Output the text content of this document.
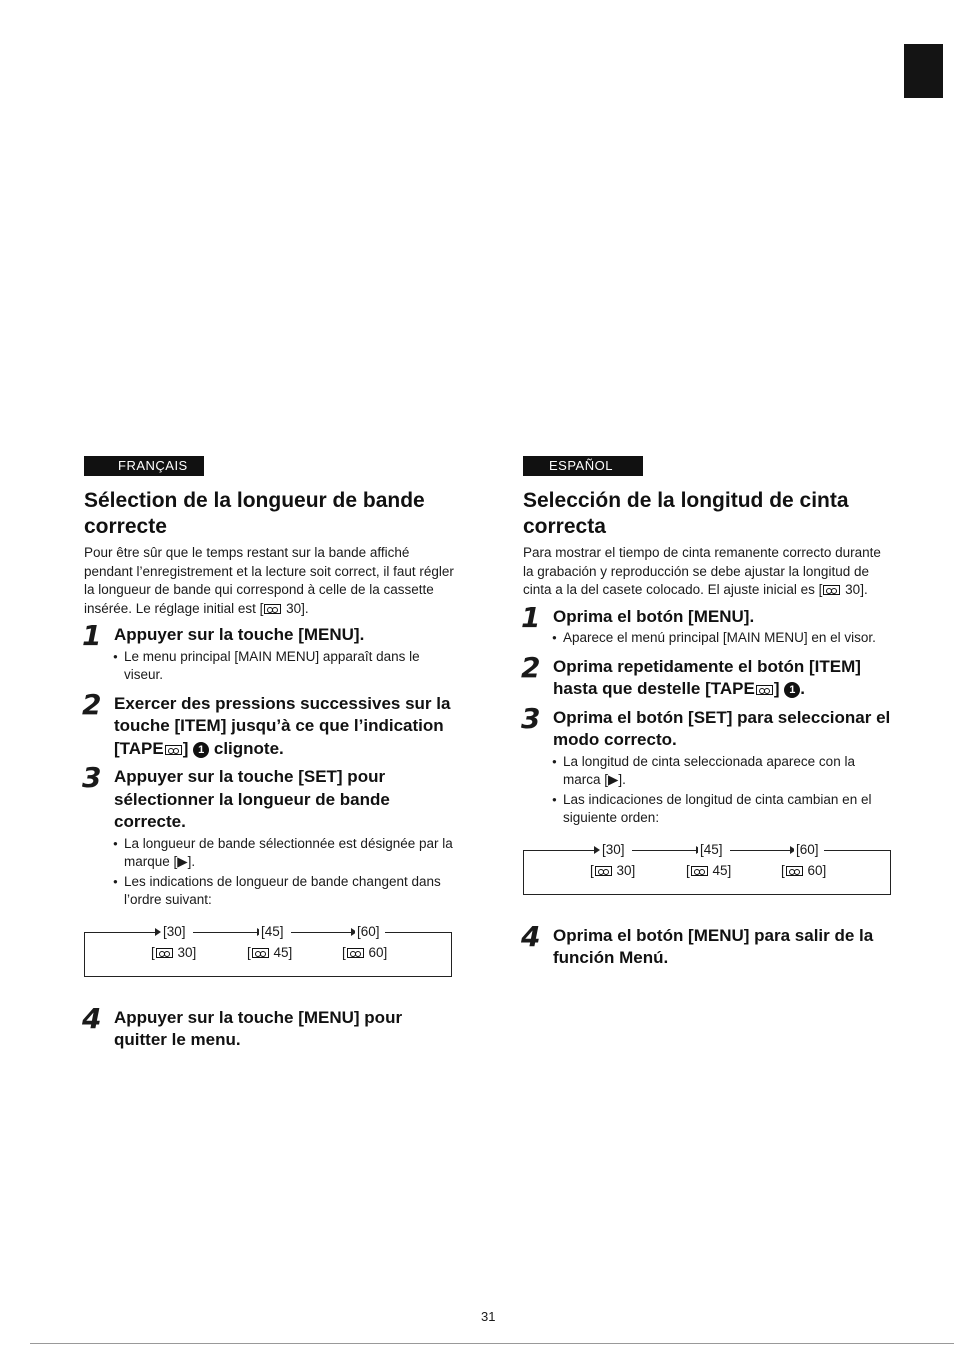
FRANÇAIS
Sélection de la longueur de bande correcte

Pour être sûr que le temps restant sur la bande affiché pendant l’enregistrement et la lecture soit correct, il faut régler la longueur de bande qui correspond à celle de la cassette insérée. Le réglage initial est [ 30].

1 Appuyer sur la touche [MENU].
● Le menu principal [MAIN MENU] apparaît dans le viseur.
2 Exercer des pressions successives sur la touche [ITEM] jusqu’à ce que l’indication [TAPE ] 1 clignote.
3 Appuyer sur la touche [SET] pour sélectionner la longueur de bande correcte.
● La longueur de bande sélectionnée est désignée par la marque [▶].
● Les indications de longueur de bande changent dans l’ordre suivant:
[30]	[45]	[60]
[ 30]	[ 45]	[ 60]
4 Appuyer sur la touche [MENU] pour quitter le menu.
ESPAÑOL
Selección de la longitud de cinta correcta

Para mostrar el tiempo de cinta remanente correcto durante la grabación y reproducción se debe ajustar la longitud de cinta a la del casete colocado. El ajuste inicial es [ 30].

1 Oprima el botón [MENU].
● Aparece el menú principal [MAIN MENU] en el visor.
2 Oprima repetidamente el botón [ITEM] hasta que destelle [TAPE ] 1 .
3 Oprima el botón [SET] para seleccionar el modo correcto.
● La longitud de cinta seleccionada aparece con la marca [▶].
● Las indicaciones de longitud de cinta cambian en el siguiente orden:
[30]	[45]	[60]
[ 30]	[ 45]	[ 60]
4 Oprima el botón [MENU] para salir de la función Menú.
31
